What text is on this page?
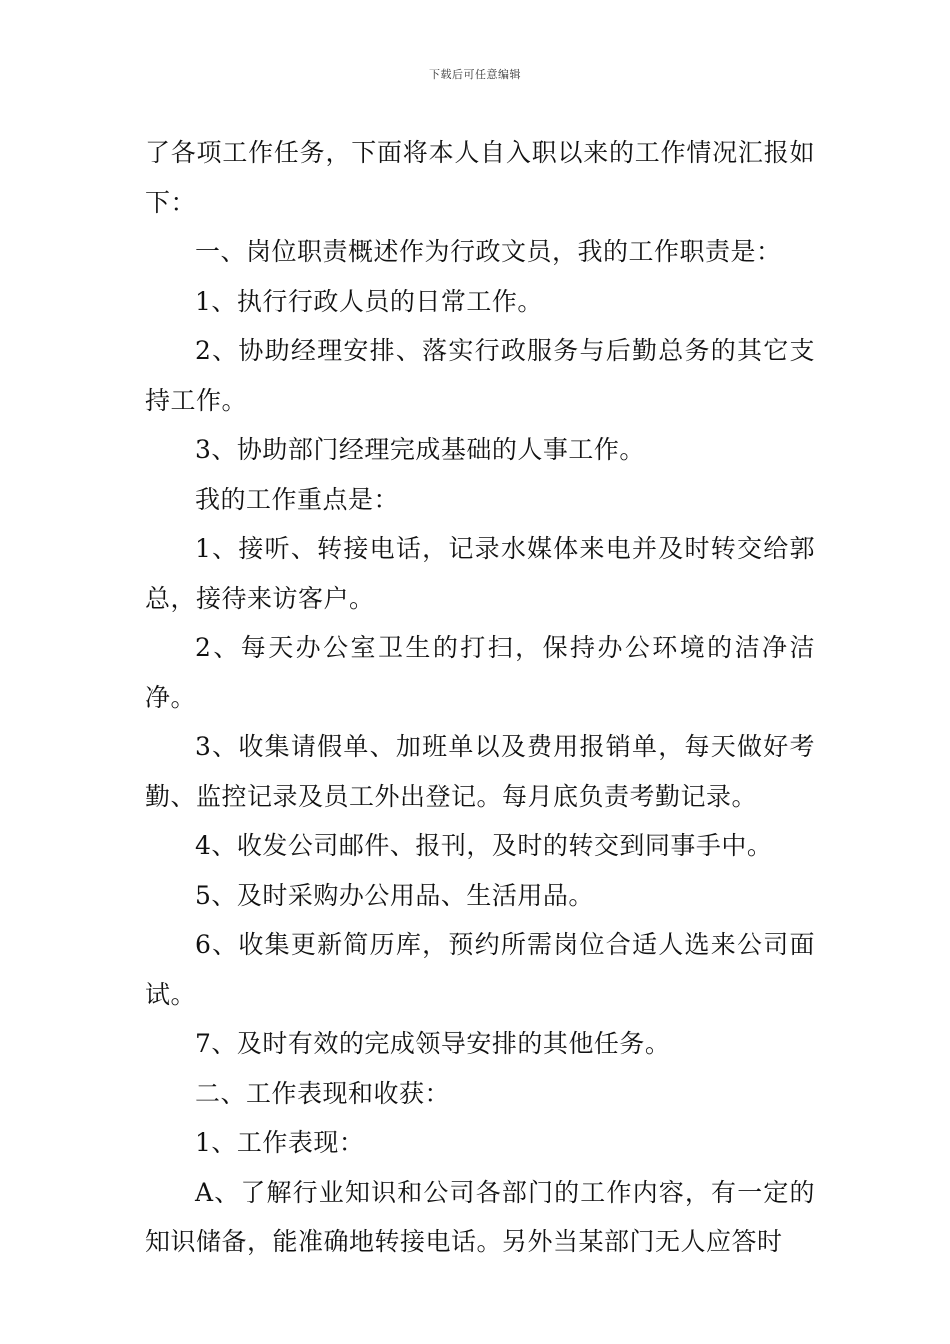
下载后可任意编辑

了各项工作任务，下面将本人自入职以来的工作情况汇报如下：

一、岗位职责概述作为行政文员，我的工作职责是：

1、执行行政人员的日常工作。

2、协助经理安排、落实行政服务与后勤总务的其它支持工作。

3、协助部门经理完成基础的人事工作。

我的工作重点是：

1、接听、转接电话，记录水媒体来电并及时转交给郭总，接待来访客户。

2、每天办公室卫生的打扫，保持办公环境的洁净洁净。

3、收集请假单、加班单以及费用报销单，每天做好考勤、监控记录及员工外出登记。每月底负责考勤记录。

4、收发公司邮件、报刊，及时的转交到同事手中。

5、及时采购办公用品、生活用品。

6、收集更新简历库，预约所需岗位合适人选来公司面试。

7、及时有效的完成领导安排的其他任务。

二、工作表现和收获：

1、工作表现：

A、了解行业知识和公司各部门的工作内容，有一定的知识储备，能准确地转接电话。另外当某部门无人应答时
